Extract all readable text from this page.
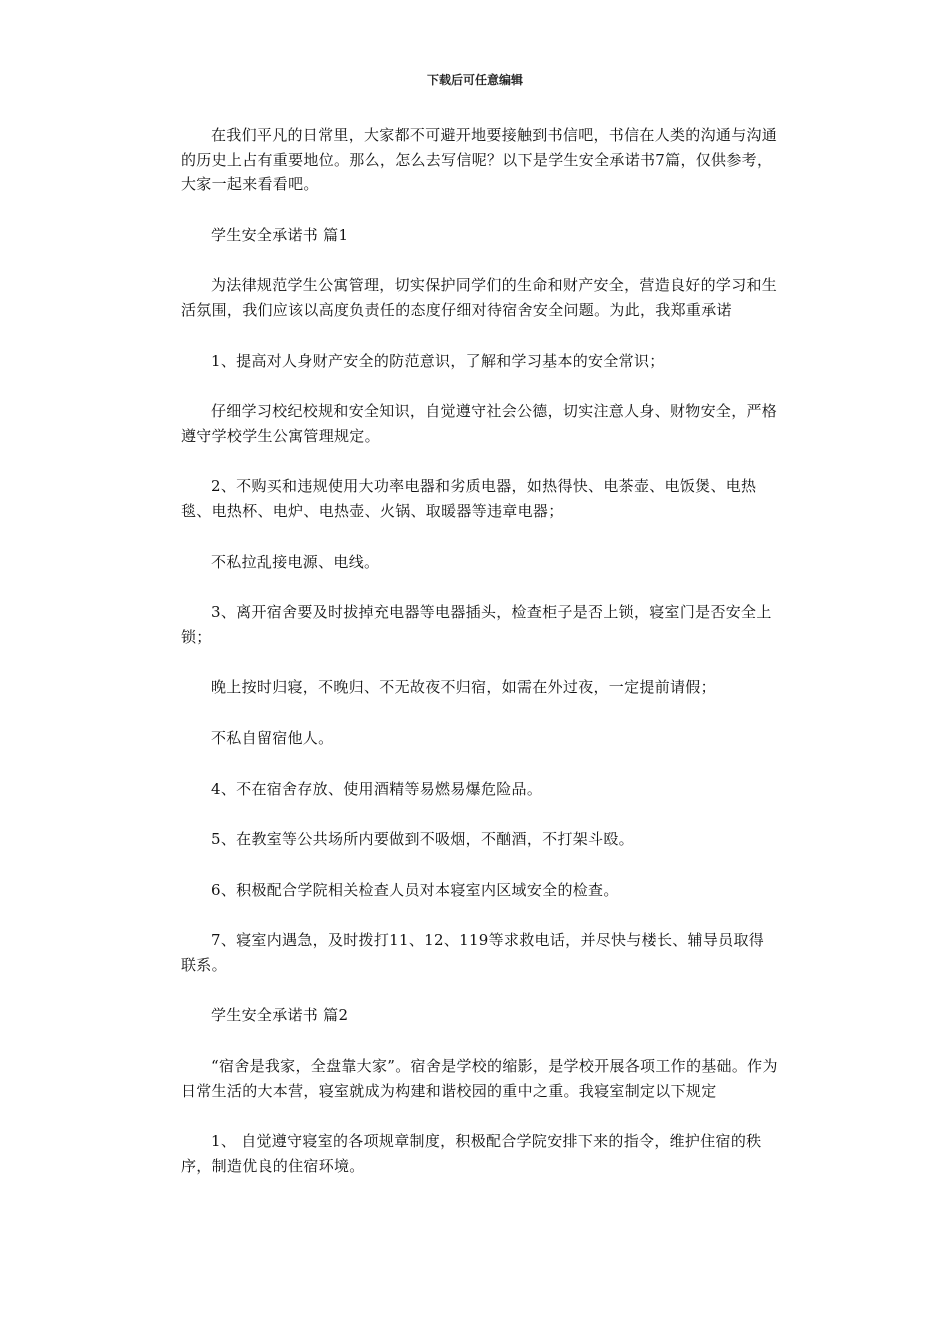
下载后可任意编辑

在我们平凡的日常里，大家都不可避开地要接触到书信吧，书信在人类的沟通与沟通的历史上占有重要地位。那么，怎么去写信呢？以下是学生安全承诺书7篇，仅供参考，大家一起来看看吧。

学生安全承诺书 篇1

为法律规范学生公寓管理，切实保护同学们的生命和财产安全，营造良好的学习和生活氛围，我们应该以高度负责任的态度仔细对待宿舍安全问题。为此，我郑重承诺

1、提高对人身财产安全的防范意识，了解和学习基本的安全常识；

仔细学习校纪校规和安全知识，自觉遵守社会公德，切实注意人身、财物安全，严格遵守学校学生公寓管理规定。

2、不购买和违规使用大功率电器和劣质电器，如热得快、电茶壶、电饭煲、电热毯、电热杯、电炉、电热壶、火锅、取暖器等违章电器；

不私拉乱接电源、电线。

3、离开宿舍要及时拔掉充电器等电器插头，检查柜子是否上锁，寝室门是否安全上锁；

晚上按时归寝，不晚归、不无故夜不归宿，如需在外过夜，一定提前请假；

不私自留宿他人。

4、不在宿舍存放、使用酒精等易燃易爆危险品。

5、在教室等公共场所内要做到不吸烟，不酗酒，不打架斗殴。

6、积极配合学院相关检查人员对本寝室内区域安全的检查。

7、寝室内遇急，及时拨打11、12、119等求救电话，并尽快与楼长、辅导员取得联系。

学生安全承诺书 篇2

“宿舍是我家，全盘靠大家”。宿舍是学校的缩影，是学校开展各项工作的基础。作为日常生活的大本营，寝室就成为构建和谐校园的重中之重。我寝室制定以下规定

1、 自觉遵守寝室的各项规章制度，积极配合学院安排下来的指令，维护住宿的秩序，制造优良的住宿环境。
